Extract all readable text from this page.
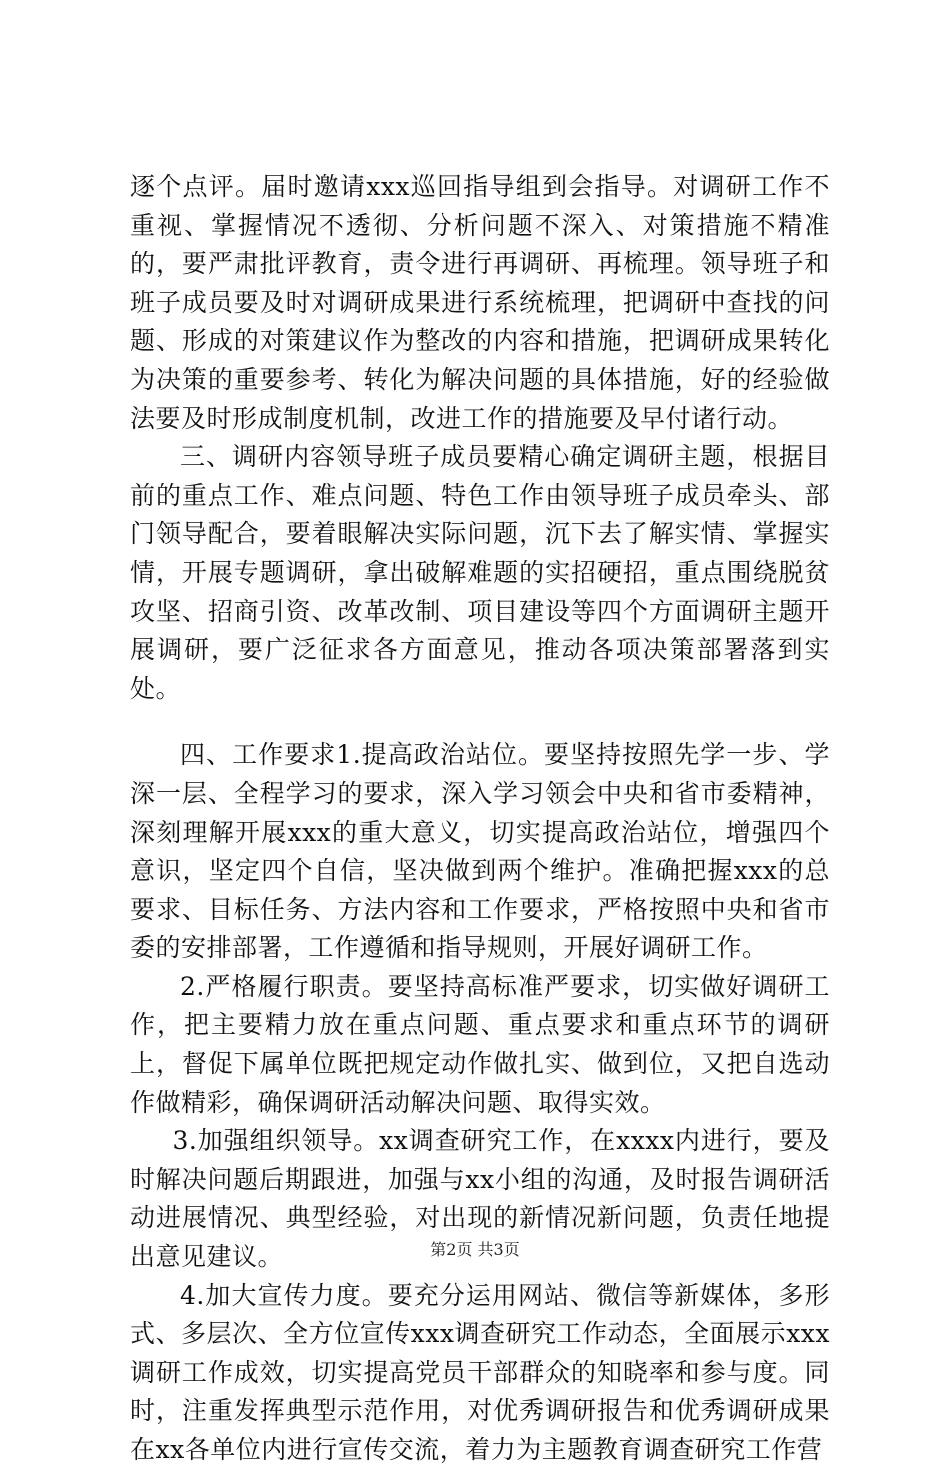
逐个点评。届时邀请xxx巡回指导组到会指导。对调研工作不重视、掌握情况不透彻、分析问题不深入、对策措施不精准的，要严肃批评教育，责令进行再调研、再梳理。领导班子和班子成员要及时对调研成果进行系统梳理，把调研中查找的问题、形成的对策建议作为整改的内容和措施，把调研成果转化为决策的重要参考、转化为解决问题的具体措施，好的经验做法要及时形成制度机制，改进工作的措施要及早付诸行动。

三、调研内容领导班子成员要精心确定调研主题，根据目前的重点工作、难点问题、特色工作由领导班子成员牵头、部门领导配合，要着眼解决实际问题，沉下去了解实情、掌握实情，开展专题调研，拿出破解难题的实招硬招，重点围绕脱贫攻坚、招商引资、改革改制、项目建设等四个方面调研主题开展调研，要广泛征求各方面意见，推动各项决策部署落到实处。

四、工作要求1.提高政治站位。要坚持按照先学一步、学深一层、全程学习的要求，深入学习领会中央和省市委精神，深刻理解开展xxx的重大意义，切实提高政治站位，增强四个意识，坚定四个自信，坚决做到两个维护。准确把握xxx的总要求、目标任务、方法内容和工作要求，严格按照中央和省市委的安排部署，工作遵循和指导规则，开展好调研工作。

2.严格履行职责。要坚持高标准严要求，切实做好调研工作，把主要精力放在重点问题、重点要求和重点环节的调研上，督促下属单位既把规定动作做扎实、做到位，又把自选动作做精彩，确保调研活动解决问题、取得实效。

3.加强组织领导。xx调查研究工作，在xxxx内进行，要及时解决问题后期跟进，加强与xx小组的沟通，及时报告调研活动进展情况、典型经验，对出现的新情况新问题，负责任地提出意见建议。

4.加大宣传力度。要充分运用网站、微信等新媒体，多形式、多层次、全方位宣传xxx调查研究工作动态，全面展示xxx调研工作成效，切实提高党员干部群众的知晓率和参与度。同时，注重发挥典型示范作用，对优秀调研报告和优秀调研成果在xx各单位内进行宣传交流，着力为主题教育调查研究工作营

第2页 共3页
